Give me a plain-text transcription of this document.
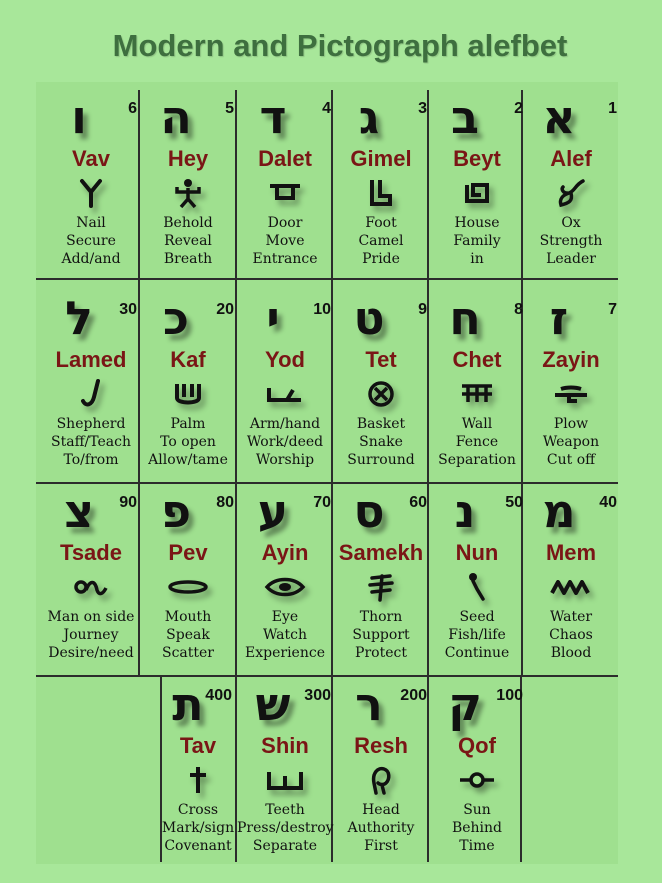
Modern and Pictograph alefbet
ו	6
Vav
Nail
Secure
Add/and
ה	5
Hey
Behold
Reveal
Breath
ד	4
Dalet
Door
Move
Entrance
ג	3
Gimel
Foot
Camel
Pride
ב	2
Beyt
House
Family
in
א	1
Alef
Ox
Strength
Leader
ל	30
Lamed
Shepherd
Staff/Teach
To/from
כ	20
Kaf
Palm
To open
Allow/tame
י	10
Yod
Arm/hand
Work/deed
Worship
ט	9
Tet
Basket
Snake
Surround
ח	8
Chet
Wall
Fence
Separation
ז	7
Zayin
Plow
Weapon
Cut off
צ	90
Tsade
Man on side
Journey
Desire/need
פ	80
Pev
Mouth
Speak
Scatter
ע	70
Ayin
Eye
Watch
Experience
ס	60
Samekh
Thorn
Support
Protect
נ	50
Nun
Seed
Fish/life
Continue
מ	40
Mem
Water
Chaos
Blood
ת 400
Tav
Cross
Mark/sign
Covenant
ש 300
Shin
Teeth
Press/destroy
Separate
ר	200
Resh
Head
Authority
First
ק 100
Qof
Sun
Behind
Time
